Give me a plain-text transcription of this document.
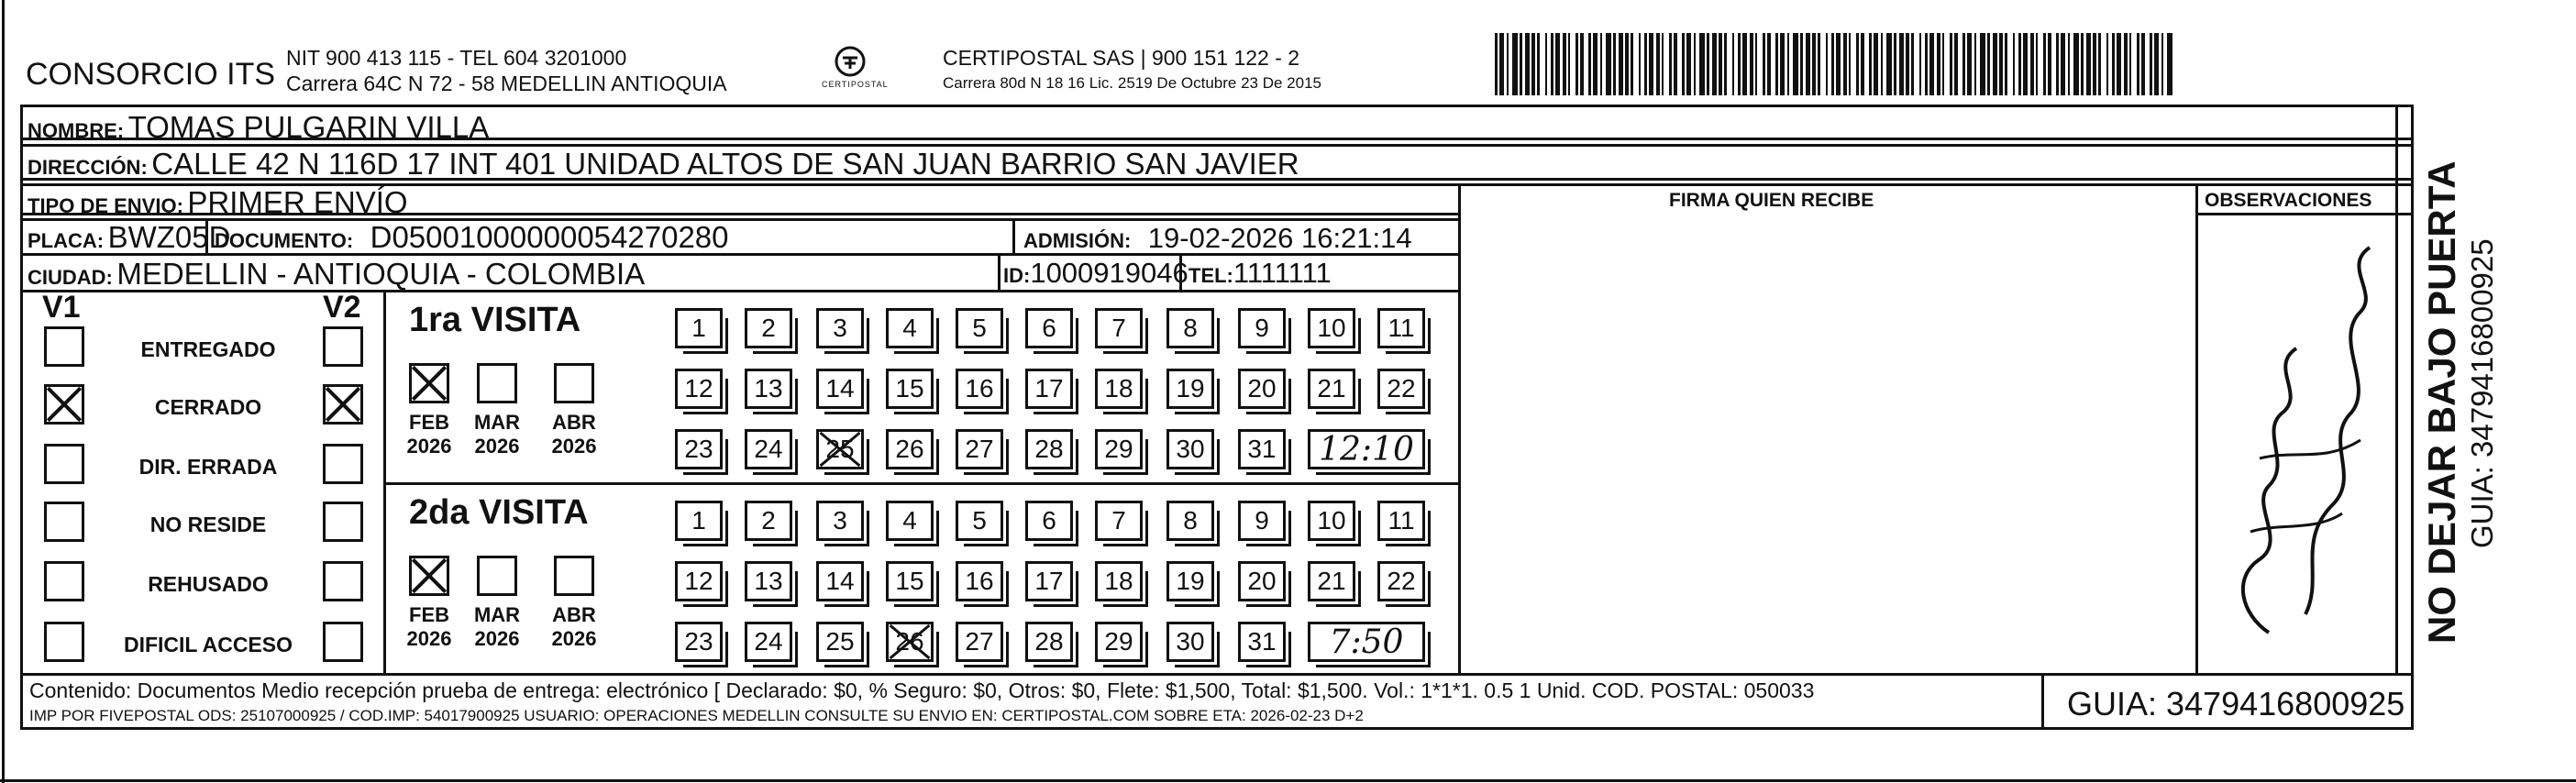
CONSORCIO ITS NIT 900 413 115 - TEL 604 3201000
Carrera 64C N 72 - 58 MEDELLIN ANTIOQUIA	CERTIPOSTAL
CERTIPOSTAL SAS | 900 151 122 - 2
Carrera 80d N 18 16 Lic. 2519 De Octubre 23 De 2015
NOMBRE: TOMAS PULGARIN VILLA
DIRECCIÓN: CALLE 42 N 116D 17 INT 401 UNIDAD ALTOS DE SAN JUAN BARRIO SAN JAVIER
TIPO DE ENVIO: PRIMER ENVÍO
PLACA: BWZ05D
DOCUMENTO: D05001000000054270280	ADMISIÓN: 19-02-2026 16:21:14
CIUDAD: MEDELLIN - ANTIOQUIA - COLOMBIA	ID:1000919046 TEL:1111111
FIRMA QUIEN RECIBE	OBSERVACIONES
V1	V2
ENTREGADO
CERRADO
DIR. ERRADA
NO RESIDE
REHUSADO
DIFICIL ACCESO
1ra VISITA
FEB
2026
MAR
2026
ABR
2026
1 2 3 4 5 6 7 8 9 10 11
12 13 14 15 16 17 18 19 20 21 22
23 24 25 26 27 28 29 30 31	12:10
2da VISITA
FEB
2026
MAR
2026
ABR
2026
1 2 3 4 5 6 7 8 9 10 11
12 13 14 15 16 17 18 19 20 21 22
23 24 25 26 27 28 29 30 31	7:50	NO DEJAR BAJO PUERTA GUIA: 3479416800925
Contenido: Documentos Medio recepción prueba de entrega: electrónico [ Declarado: $0, % Seguro: $0, Otros: $0, Flete: $1,500, Total: $1,500. Vol.: 1*1*1. 0.5 1 Unid. COD. POSTAL: 050033
IMP POR FIVEPOSTAL ODS: 25107000925 / COD.IMP: 54017900925 USUARIO: OPERACIONES MEDELLIN CONSULTE SU ENVIO EN: CERTIPOSTAL.COM SOBRE ETA: 2026-02-23 D+2	GUIA: 3479416800925
